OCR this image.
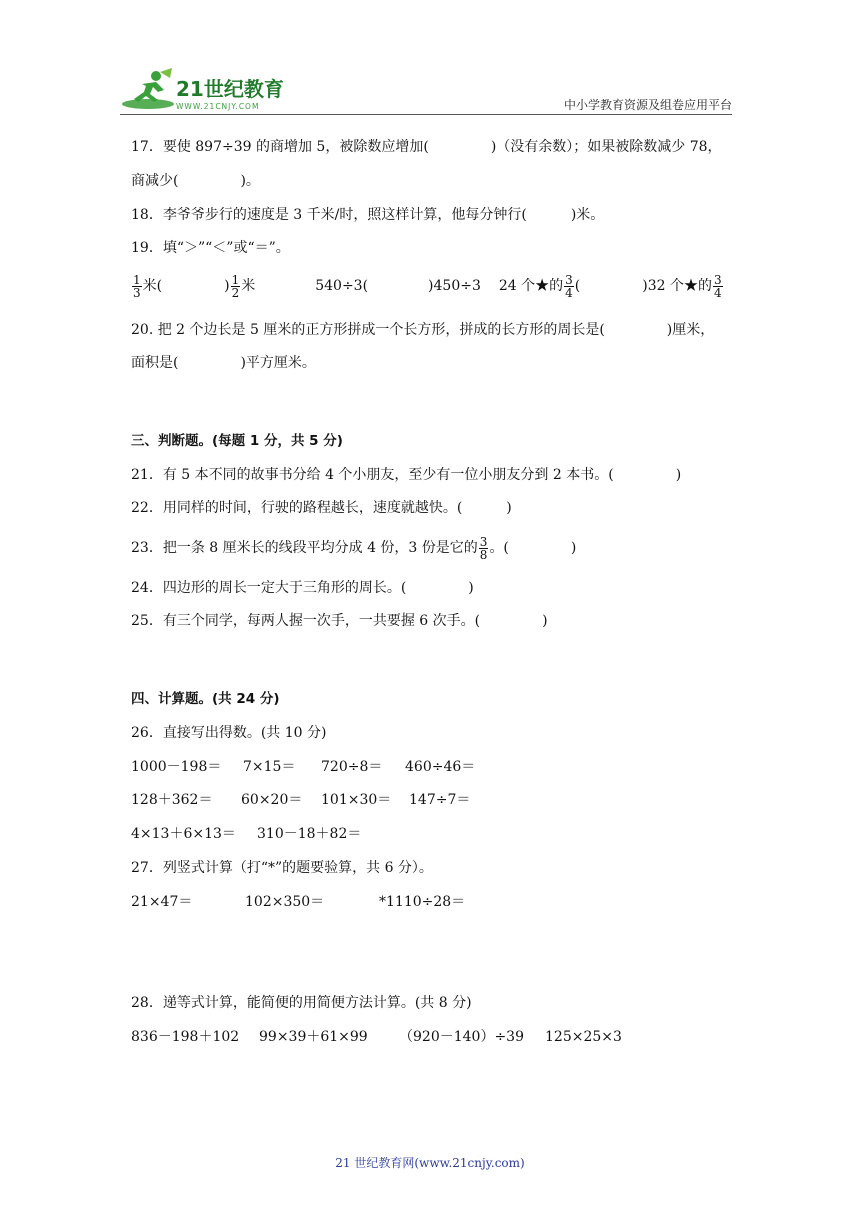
21世纪教育
WWW.21CNJY.COM	中小学教育资源及组卷应用平台
17．要使 897÷39 的商增加 5，被除数应增加(	)（没有余数）；如果被除数减少 78，
商减少(	)。
18．李爷爷步行的速度是 3 千米/时，照这样计算，他每分钟行(	)米。
19．填“＞”“＜”或“＝”。
$\frac{1}{3}$ 米(	) $\frac{1}{2}$ 米	540÷3(	)450÷3 24 个★的 $\frac{3}{4}$ (	)32 个★的 $\frac{3}{4}$
20. 把 2 个边长是 5 厘米的正方形拼成一个长方形，拼成的长方形的周长是(	)厘米，
面积是(	)平方厘米。
三、判断题。(每题 1 分，共 5 分)
21．有 5 本不同的故事书分给 4 个小朋友，至少有一位小朋友分到 2 本书。(	)
22．用同样的时间，行驶的路程越长，速度就越快。(	)
23．把一条 8 厘米长的线段平均分成 4 份，3 份是它的 $\frac{3}{8}$ 。(	)
24．四边形的周长一定大于三角形的周长。(	)
25．有三个同学，每两人握一次手，一共要握 6 次手。(	)
四、计算题。(共 24 分)
26．直接写出得数。(共 10 分)
1000－198＝ 7×15＝ 720÷8＝ 460÷46＝
128＋362＝ 60×20＝ 101×30＝ 147÷7＝
4×13＋6×13＝ 310－18＋82＝
27．列竖式计算（打“*”的题要验算，共 6 分）。
21×47＝	102×350＝	*1110÷28＝
28．递等式计算，能简便的用简便方法计算。(共 8 分)
836－198＋102 99×39＋61×99 （920－140）÷39 125×25×3
21 世纪教育网(www.21cnjy.com)
